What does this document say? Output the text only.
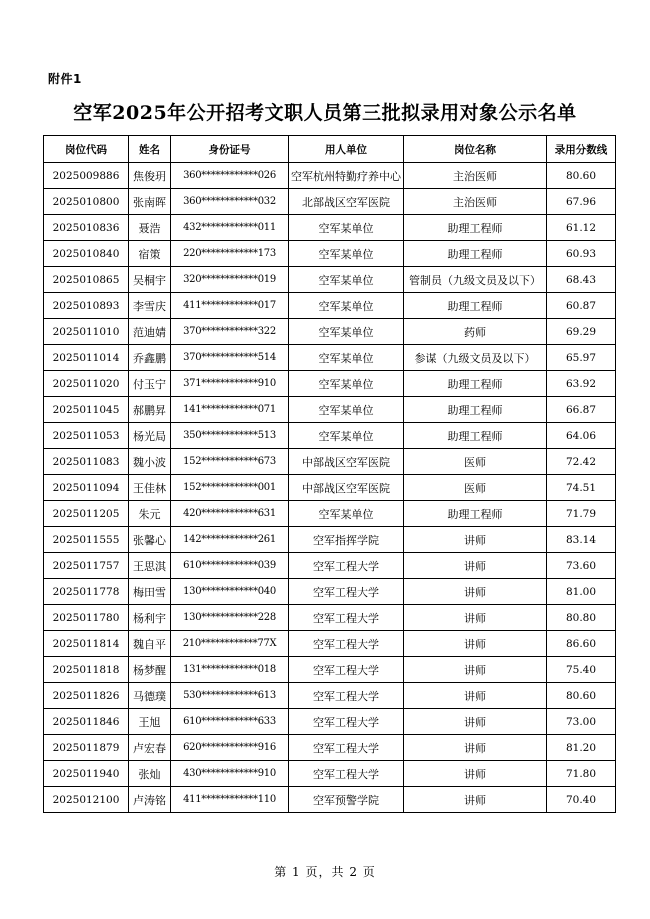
附件1
空军2025年公开招考文职人员第三批拟录用对象公示名单
岗位代码	姓名	身份证号	用人单位	岗位名称	录用分数线
2025009886	焦俊玥	360************026	空军杭州特勤疗养中心	主治医师	80.60
2025010800	张南晖	360************032	北部战区空军医院	主治医师	67.96
2025010836	聂浩	432************011	空军某单位	助理工程师	61.12
2025010840	宿策	220************173	空军某单位	助理工程师	60.93
2025010865	吴桐宇	320************019	空军某单位	管制员（九级文员及以下）	68.43
2025010893	李雪庆	411************017	空军某单位	助理工程师	60.87
2025011010	范迪婧	370************322	空军某单位	药师	69.29
2025011014	乔鑫鹏	370************514	空军某单位	参谋（九级文员及以下）	65.97
2025011020	付玉宁	371************910	空军某单位	助理工程师	63.92
2025011045	郝鹏昇	141************071	空军某单位	助理工程师	66.87
2025011053	杨光局	350************513	空军某单位	助理工程师	64.06
2025011083	魏小波	152************673	中部战区空军医院	医师	72.42
2025011094	王佳林	152************001	中部战区空军医院	医师	74.51
2025011205	朱元	420************631	空军某单位	助理工程师	71.79
2025011555	张馨心	142************261	空军指挥学院	讲师	83.14
2025011757	王思淇	610************039	空军工程大学	讲师	73.60
2025011778	梅田雪	130************040	空军工程大学	讲师	81.00
2025011780	杨利宇	130************228	空军工程大学	讲师	80.80
2025011814	魏自平	210************77X	空军工程大学	讲师	86.60
2025011818	杨梦醒	131************018	空军工程大学	讲师	75.40
2025011826	马德璞	530************613	空军工程大学	讲师	80.60
2025011846	王旭	610************633	空军工程大学	讲师	73.00
2025011879	卢宏春	620************916	空军工程大学	讲师	81.20
2025011940	张灿	430************910	空军工程大学	讲师	71.80
2025012100	卢涛铭	411************110	空军预警学院	讲师	70.40
第 1 页，共 2 页
